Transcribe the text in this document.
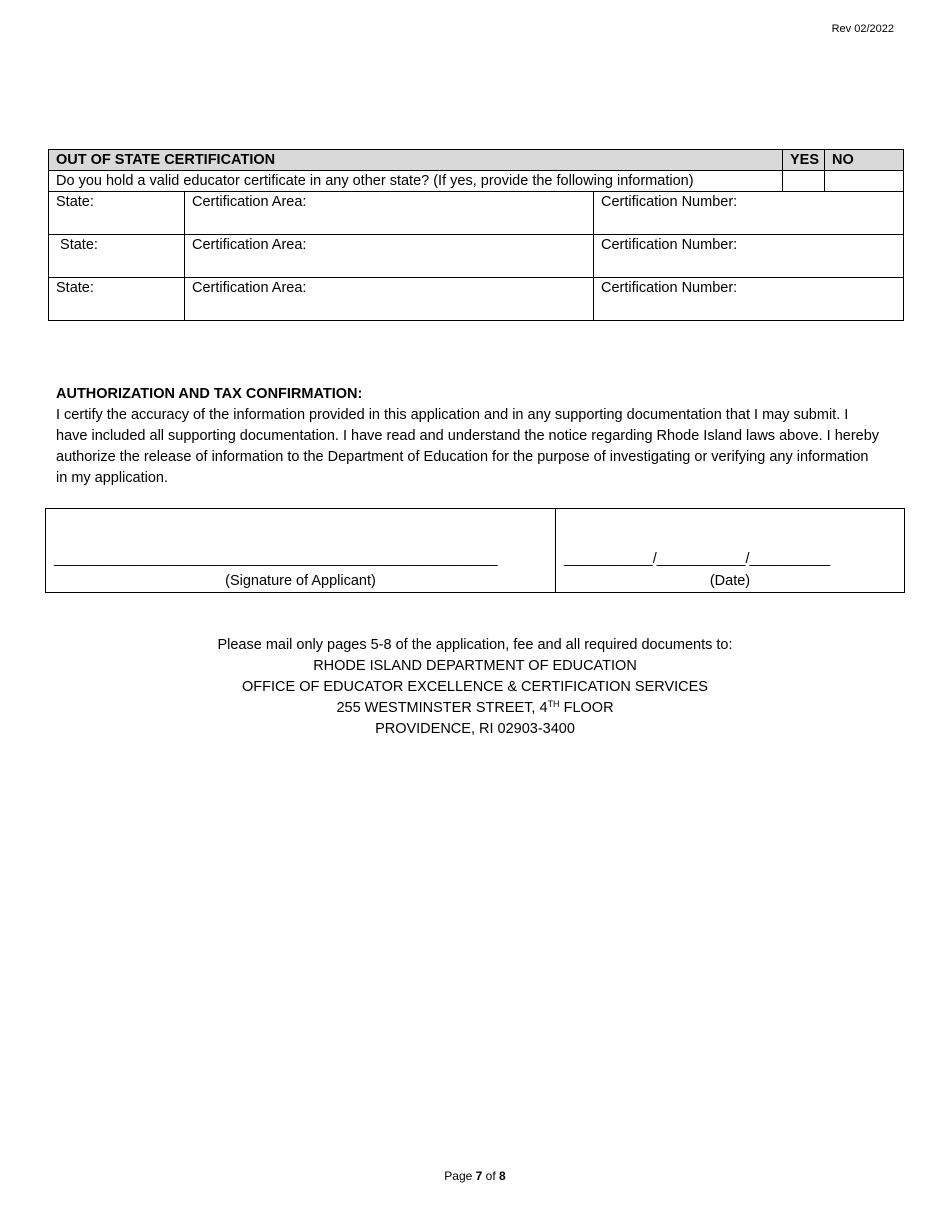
Rev 02/2022
OUT OF STATE CERTIFICATION			YES	NO
Do you hold a valid educator certificate in any other state? (If yes, provide the following information)				
State:	Certification Area:	Certification Number:		
State:	Certification Area:	Certification Number:		
State:	Certification Area:	Certification Number:		
AUTHORIZATION AND TAX CONFIRMATION:
I certify the accuracy of the information provided in this application and in any supporting documentation that I may submit. I have included all supporting documentation. I have read and understand the notice regarding Rhode Island laws above. I hereby authorize the release of information to the Department of Education for the purpose of investigating or verifying any information in my application.
_______________________________________________________
(Signature of Applicant)
___________/___________/__________
(Date)
Please mail only pages 5-8 of the application, fee and all required documents to:
RHODE ISLAND DEPARTMENT OF EDUCATION
OFFICE OF EDUCATOR EXCELLENCE & CERTIFICATION SERVICES
255 WESTMINSTER STREET, 4TH FLOOR
PROVIDENCE, RI 02903-3400
Page 7 of 8
